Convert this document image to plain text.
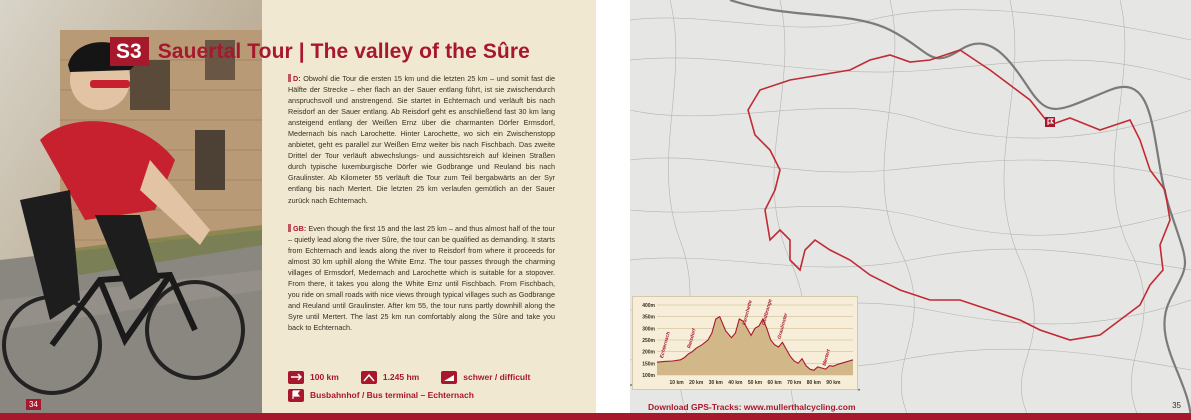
S3 Sauertal Tour | The valley of the Sûre
D: Obwohl die Tour die ersten 15 km und die letzten 25 km – und somit fast die Hälfte der Strecke – eher flach an der Sauer entlang führt, ist sie zwischendurch anspruchsvoll und anstrengend. Sie startet in Echternach und verläuft bis nach Reisdorf an der Sauer entlang. Ab Reisdorf geht es anschließend fast 30 km lang ansteigend entlang der Weißen Ernz über die charmanten Dörfer Ermsdorf, Medernach bis nach Larochette. Hinter Larochette, wo sich ein Zwischenstopp anbietet, geht es parallel zur Weißen Ernz weiter bis nach Fischbach. Das zweite Drittel der Tour verläuft abwechslungs- und aussichtsreich auf kleinen Straßen durch typische luxemburgische Dörfer wie Godbrange und Reuland bis nach Graulinster. Ab Kilometer 55 verläuft die Tour zum Teil bergabwärts an der Syr entlang bis nach Mertert. Die letzten 25 km verlaufen gemütlich an der Sauer zurück nach Echternach.
GB: Even though the first 15 and the last 25 km – and thus almost half of the tour – quietly lead along the river Sûre, the tour can be qualified as demanding. It starts from Echternach and leads along the river to Reisdorf from where it proceeds for almost 30 km uphill along the White Ernz. The tour passes through the charming villages of Ermsdorf, Medernach and Larochette which is suitable for a stopover. From there, it takes you along the White Ernz until Fischbach. From Fischbach, you ride on small roads with nice views through typical villages such as Godbrange and Reuland until Graulinster. After km 55, the tour runs partly downhill along the Syre until Mertert. The last 25 km run comfortably along the Sûre and take you back to Echternach.
100 km	1.245 hm	schwer / difficult
Busbahnhof / Bus terminal – Echternach
34
400m
350m
300m
250m
200m
150m
100m
10 km 20 km 30 km 40 km 50 km 60 km 70 km 80 km 90 km
Echternach	Reisdorf
Larochette Godbrange
Graulinster
Mertert
Download GPS-Tracks: www.mullerthalcycling.com	35
